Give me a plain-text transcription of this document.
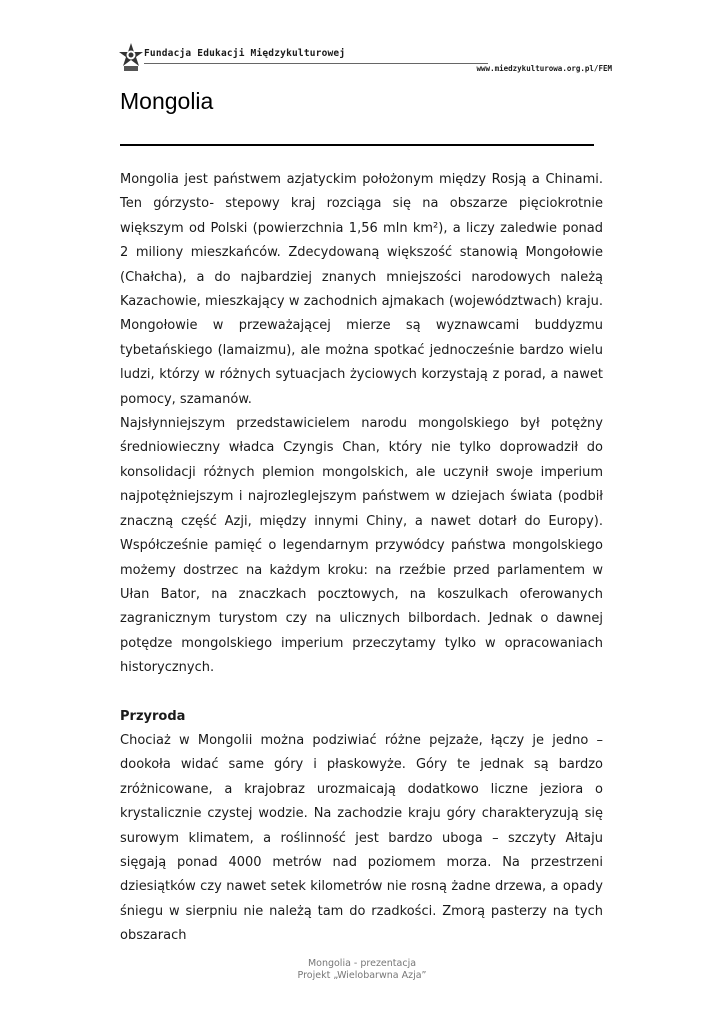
Fundacja Edukacji Międzykulturowej
www.miedzykulturowa.org.pl/FEM
Mongolia

Mongolia jest państwem azjatyckim położonym między Rosją a Chinami. Ten górzysto- stepowy kraj rozciąga się na obszarze pięciokrotnie większym od Polski (powierzchnia 1,56 mln km²), a liczy zaledwie ponad 2 miliony mieszkańców. Zdecydowaną większość stanowią Mongołowie (Chałcha), a do najbardziej znanych mniejszości narodowych należą Kazachowie, mieszkający w zachodnich ajmakach (województwach) kraju. Mongołowie w przeważającej mierze są wyznawcami buddyzmu tybetańskiego (lamaizmu), ale można spotkać jednocześnie bardzo wielu ludzi, którzy w różnych sytuacjach życiowych korzystają z porad, a nawet pomocy, szamanów.

Najsłynniejszym przedstawicielem narodu mongolskiego był potężny średniowieczny władca Czyngis Chan, który nie tylko doprowadził do konsolidacji różnych plemion mongolskich, ale uczynił swoje imperium najpotężniejszym i najrozleglejszym państwem w dziejach świata (podbił znaczną część Azji, między innymi Chiny, a nawet dotarł do Europy). Współcześnie pamięć o legendarnym przywódcy państwa mongolskiego możemy dostrzec na każdym kroku: na rzeźbie przed parlamentem w Ułan Bator, na znaczkach pocztowych, na koszulkach oferowanych zagranicznym turystom czy na ulicznych bilbordach. Jednak o dawnej potędze mongolskiego imperium przeczytamy tylko w opracowaniach historycznych.

Przyroda

Chociaż w Mongolii można podziwiać różne pejzaże, łączy je jedno – dookoła widać same góry i płaskowyże. Góry te jednak są bardzo zróżnicowane, a krajobraz urozmaicają dodatkowo liczne jeziora o krystalicznie czystej wodzie. Na zachodzie kraju góry charakteryzują się surowym klimatem, a roślinność jest bardzo uboga – szczyty Ałtaju sięgają ponad 4000 metrów nad poziomem morza. Na przestrzeni dziesiątków czy nawet setek kilometrów nie rosną żadne drzewa, a opady śniegu w sierpniu nie należą tam do rzadkości. Zmorą pasterzy na tych obszarach

Mongolia - prezentacja
Projekt „Wielobarwna Azja”
